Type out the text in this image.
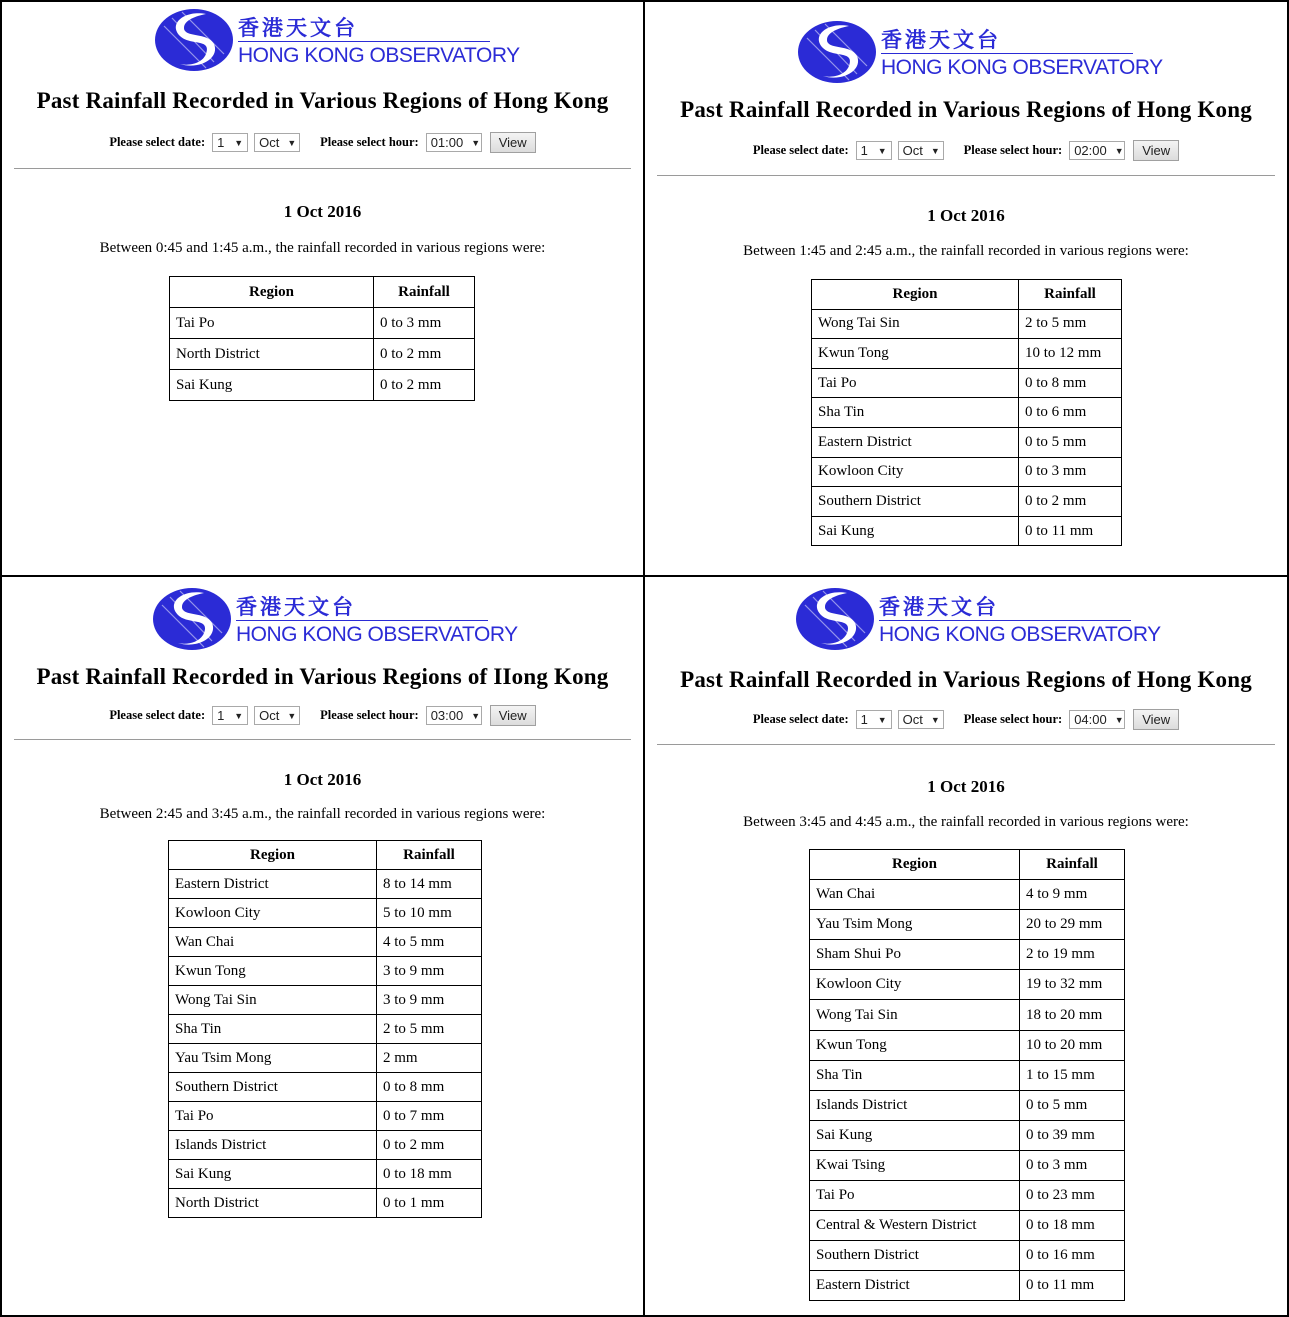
香港天文台
HONG KONG OBSERVATORY
Past Rainfall Recorded in Various Regions of Hong Kong
Please select date: 1 ▼ Oct ▼ Please select hour: 01:00 ▼	View
1 Oct 2016
Between 0:45 and 1:45 a.m., the rainfall recorded in various regions were:
Region	Rainfall
Tai Po	0 to 3 mm
North District	0 to 2 mm
Sai Kung	0 to 2 mm
香港天文台
HONG KONG OBSERVATORY
Past Rainfall Recorded in Various Regions of Hong Kong
Please select date: 1 ▼ Oct ▼ Please select hour: 02:00 ▼	View
1 Oct 2016
Between 1:45 and 2:45 a.m., the rainfall recorded in various regions were:
Region	Rainfall
Wong Tai Sin	2 to 5 mm
Kwun Tong	10 to 12 mm
Tai Po	0 to 8 mm
Sha Tin	0 to 6 mm
Eastern District	0 to 5 mm
Kowloon City	0 to 3 mm
Southern District	0 to 2 mm
Sai Kung	0 to 11 mm
香港天文台
HONG KONG OBSERVATORY
Past Rainfall Recorded in Various Regions of IIong Kong
Please select date: 1 ▼ Oct ▼ Please select hour: 03:00 ▼	View
1 Oct 2016
Between 2:45 and 3:45 a.m., the rainfall recorded in various regions were:
Region	Rainfall
Eastern District	8 to 14 mm
Kowloon City	5 to 10 mm
Wan Chai	4 to 5 mm
Kwun Tong	3 to 9 mm
Wong Tai Sin	3 to 9 mm
Sha Tin	2 to 5 mm
Yau Tsim Mong	2 mm
Southern District	0 to 8 mm
Tai Po	0 to 7 mm
Islands District	0 to 2 mm
Sai Kung	0 to 18 mm
North District	0 to 1 mm
香港天文台
HONG KONG OBSERVATORY
Past Rainfall Recorded in Various Regions of Hong Kong
Please select date: 1 ▼ Oct ▼ Please select hour: 04:00 ▼	View
1 Oct 2016
Between 3:45 and 4:45 a.m., the rainfall recorded in various regions were:
Region	Rainfall
Wan Chai	4 to 9 mm
Yau Tsim Mong	20 to 29 mm
Sham Shui Po	2 to 19 mm
Kowloon City	19 to 32 mm
Wong Tai Sin	18 to 20 mm
Kwun Tong	10 to 20 mm
Sha Tin	1 to 15 mm
Islands District	0 to 5 mm
Sai Kung	0 to 39 mm
Kwai Tsing	0 to 3 mm
Tai Po	0 to 23 mm
Central & Western District	0 to 18 mm
Southern District	0 to 16 mm
Eastern District	0 to 11 mm
